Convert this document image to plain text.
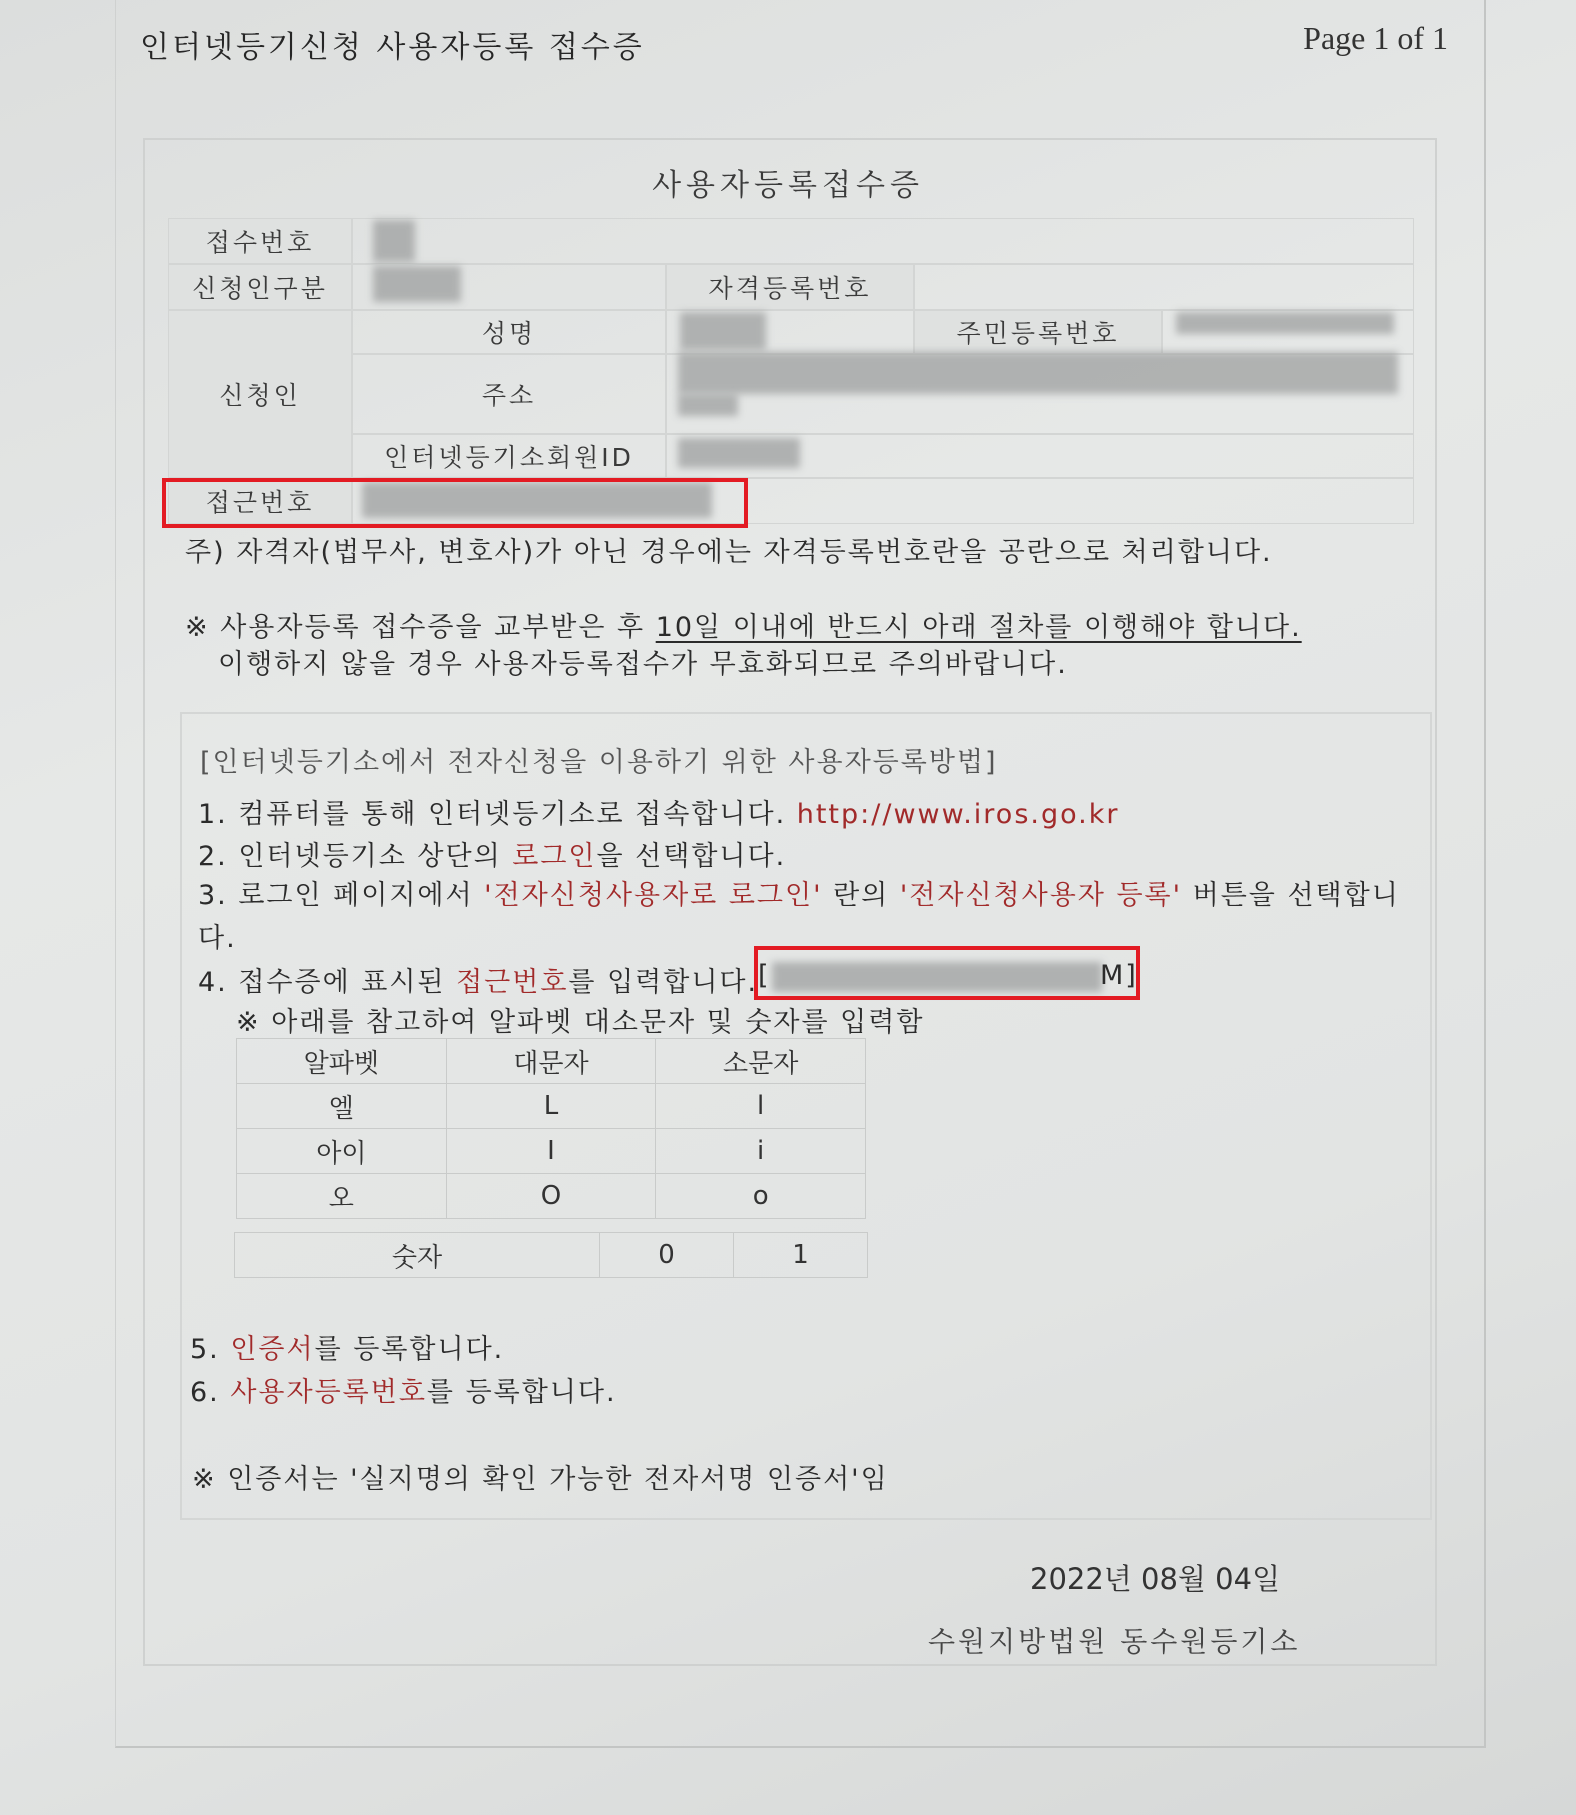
인터넷등기신청 사용자등록 접수증	Page 1 of 1
사용자등록접수증
접수번호
신청인구분	자격등록번호
신청인
성명	주민등록번호
주소
인터넷등기소회원ID
접근번호
주) 자격자(법무사, 변호사)가 아닌 경우에는 자격등록번호란을 공란으로 처리합니다.
※ 사용자등록 접수증을 교부받은 후 10일 이내에 반드시 아래 절차를 이행해야 합니다.
이행하지 않을 경우 사용자등록접수가 무효화되므로 주의바랍니다.
[인터넷등기소에서 전자신청을 이용하기 위한 사용자등록방법]
1. 컴퓨터를 통해 인터넷등기소로 접속합니다. http://www.iros.go.kr
2. 인터넷등기소 상단의 로그인을 선택합니다.
3. 로그인 페이지에서 '전자신청사용자로 로그인' 란의 '전자신청사용자 등록' 버튼을 선택합니
다.
4. 접수증에 표시된 접근번호를 입력합니다. [	M]
※ 아래를 참고하여 알파벳 대소문자 및 숫자를 입력함
알파벳	대문자	소문자
엘	L	l
아이	I	i
오	O	o
숫자	0	1
5. 인증서를 등록합니다.
6. 사용자등록번호를 등록합니다.
※ 인증서는 '실지명의 확인 가능한 전자서명 인증서'임
2022년 08월 04일
수원지방법원 동수원등기소
